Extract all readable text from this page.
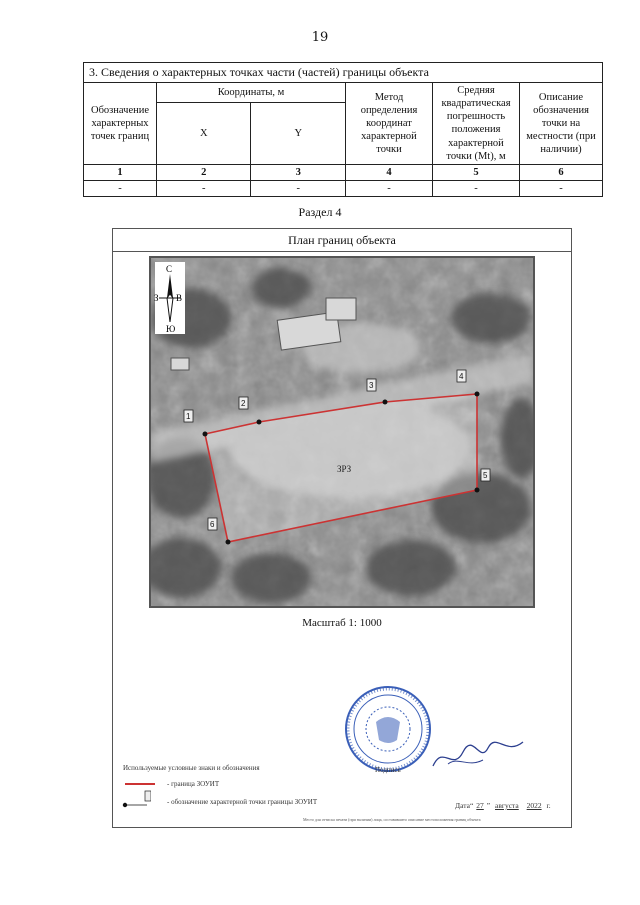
19
3. Сведения о характерных точках части (частей) границы объекта					
Обозначение характерных точек границ	Координаты, м		Метод определения координат характерной точки	Средняя квадратическая погрешность положения характерной точки (Mt), м	Описание обозначения точки на местности (при наличии)
	X	Y			
1	2	3	4	5	6
-	-	-	-	-	-
Раздел 4
План границ объекта
1
2
3
4
5
6
ЗРЗ
С
Ю
З В
Масштаб 1: 1000
Используемые условные знаки и обозначения
- граница ЗОУИТ
- обозначение характерной точки границы ЗОУИТ
Подпись
Дата“ 27 ” августа 2022 г.
Место для оттиска печати (при наличии) лица, составившего описание местоположения границ объекта
